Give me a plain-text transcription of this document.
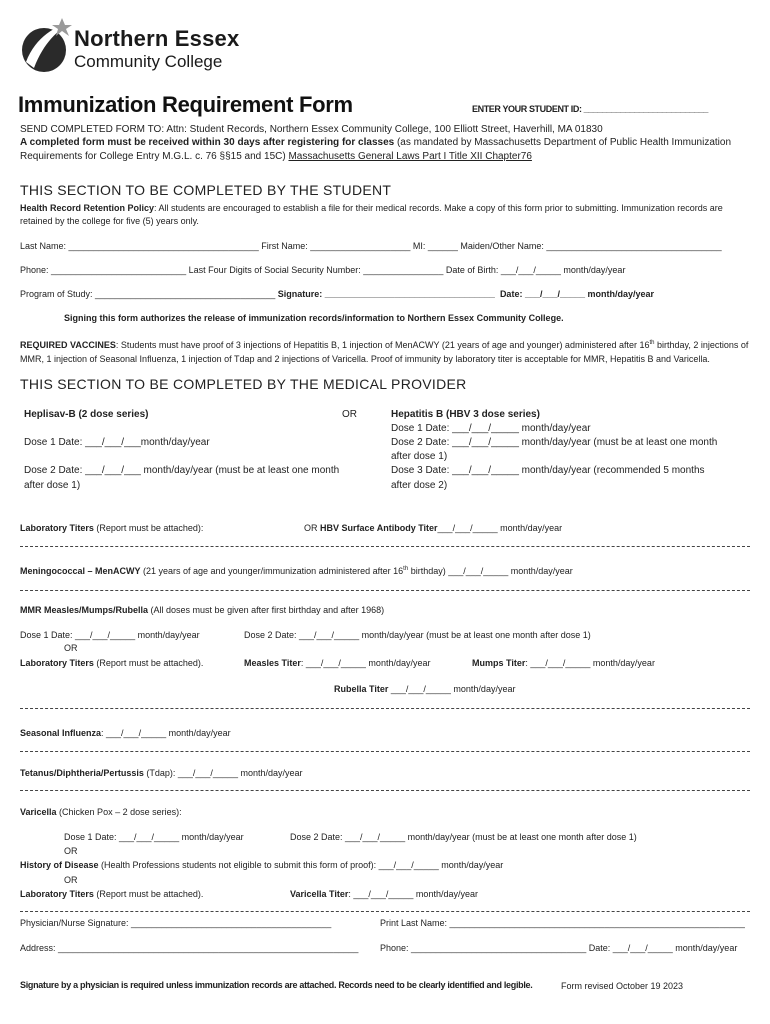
Northern Essex
Community College
Immunization Requirement Form	ENTER YOUR STUDENT ID: ___________________________
SEND COMPLETED FORM TO: Attn: Student Records, Northern Essex Community College, 100 Elliott Street, Haverhill, MA 01830
A completed form must be received within 30 days after registering for classes (as mandated by Massachusetts Department of Public Health Immunization
Requirements for College Entry M.G.L. c. 76 §§15 and 15C) Massachusetts General Laws Part I Title XII Chapter76
THIS SECTION TO BE COMPLETED BY THE STUDENT
Health Record Retention Policy: All students are encouraged to establish a file for their medical records. Make a copy of this form prior to submitting. Immunization records are retained by the college for five (5) years only.
Last Name: ______________________________________ First Name: ____________________ MI: ______ Maiden/Other Name: ___________________________________
Phone: ___________________________ Last Four Digits of Social Security Number: ________________ Date of Birth: ___/___/_____ month/day/year
Program of Study: ____________________________________ Signature: __________________________________ Date: ___/___/_____ month/day/year
Signing this form authorizes the release of immunization records/information to Northern Essex Community College.
REQUIRED VACCINES: Students must have proof of 3 injections of Hepatitis B, 1 injection of MenACWY (21 years of age and younger) administered after 16th birthday, 2 injections of MMR, 1 injection of Seasonal Influenza, 1 injection of Tdap and 2 injections of Varicella. Proof of immunity by laboratory titer is acceptable for MMR, Hepatitis B and Varicella.
THIS SECTION TO BE COMPLETED BY THE MEDICAL PROVIDER
Heplisav-B (2 dose series)	OR
Dose 1 Date: ___/___/___month/day/year
Dose 2 Date: ___/___/___ month/day/year (must be at least one month
after dose 1)
Hepatitis B (HBV 3 dose series)
Dose 1 Date: ___/___/_____ month/day/year
Dose 2 Date: ___/___/_____ month/day/year (must be at least one month
after dose 1)
Dose 3 Date: ___/___/_____ month/day/year (recommended 5 months
after dose 2)
Laboratory Titers (Report must be attached):	OR HBV Surface Antibody Titer___/___/_____ month/day/year
Meningococcal – MenACWY (21 years of age and younger/immunization administered after 16th birthday) ___/___/_____ month/day/year
MMR Measles/Mumps/Rubella (All doses must be given after first birthday and after 1968)
Dose 1 Date: ___/___/_____ month/day/year	Dose 2 Date: ___/___/_____ month/day/year (must be at least one month after dose 1)
OR
Laboratory Titers (Report must be attached).	Measles Titer: ___/___/_____ month/day/year	Mumps Titer: ___/___/_____ month/day/year
Rubella Titer ___/___/_____ month/day/year
Seasonal Influenza: ___/___/_____ month/day/year
Tetanus/Diphtheria/Pertussis (Tdap): ___/___/_____ month/day/year
Varicella (Chicken Pox – 2 dose series):
Dose 1 Date: ___/___/_____ month/day/year	Dose 2 Date: ___/___/_____ month/day/year (must be at least one month after dose 1)
OR
History of Disease (Health Professions students not eligible to submit this form of proof): ___/___/_____ month/day/year
OR
Laboratory Titers (Report must be attached).	Varicella Titer: ___/___/_____ month/day/year
Physician/Nurse Signature: ________________________________________	Print Last Name: ___________________________________________________________
Address: ____________________________________________________________ Phone: ___________________________________ Date: ___/___/_____ month/day/year
Signature by a physician is required unless immunization records are attached. Records need to be clearly identified and legible.	Form revised October 19 2023
